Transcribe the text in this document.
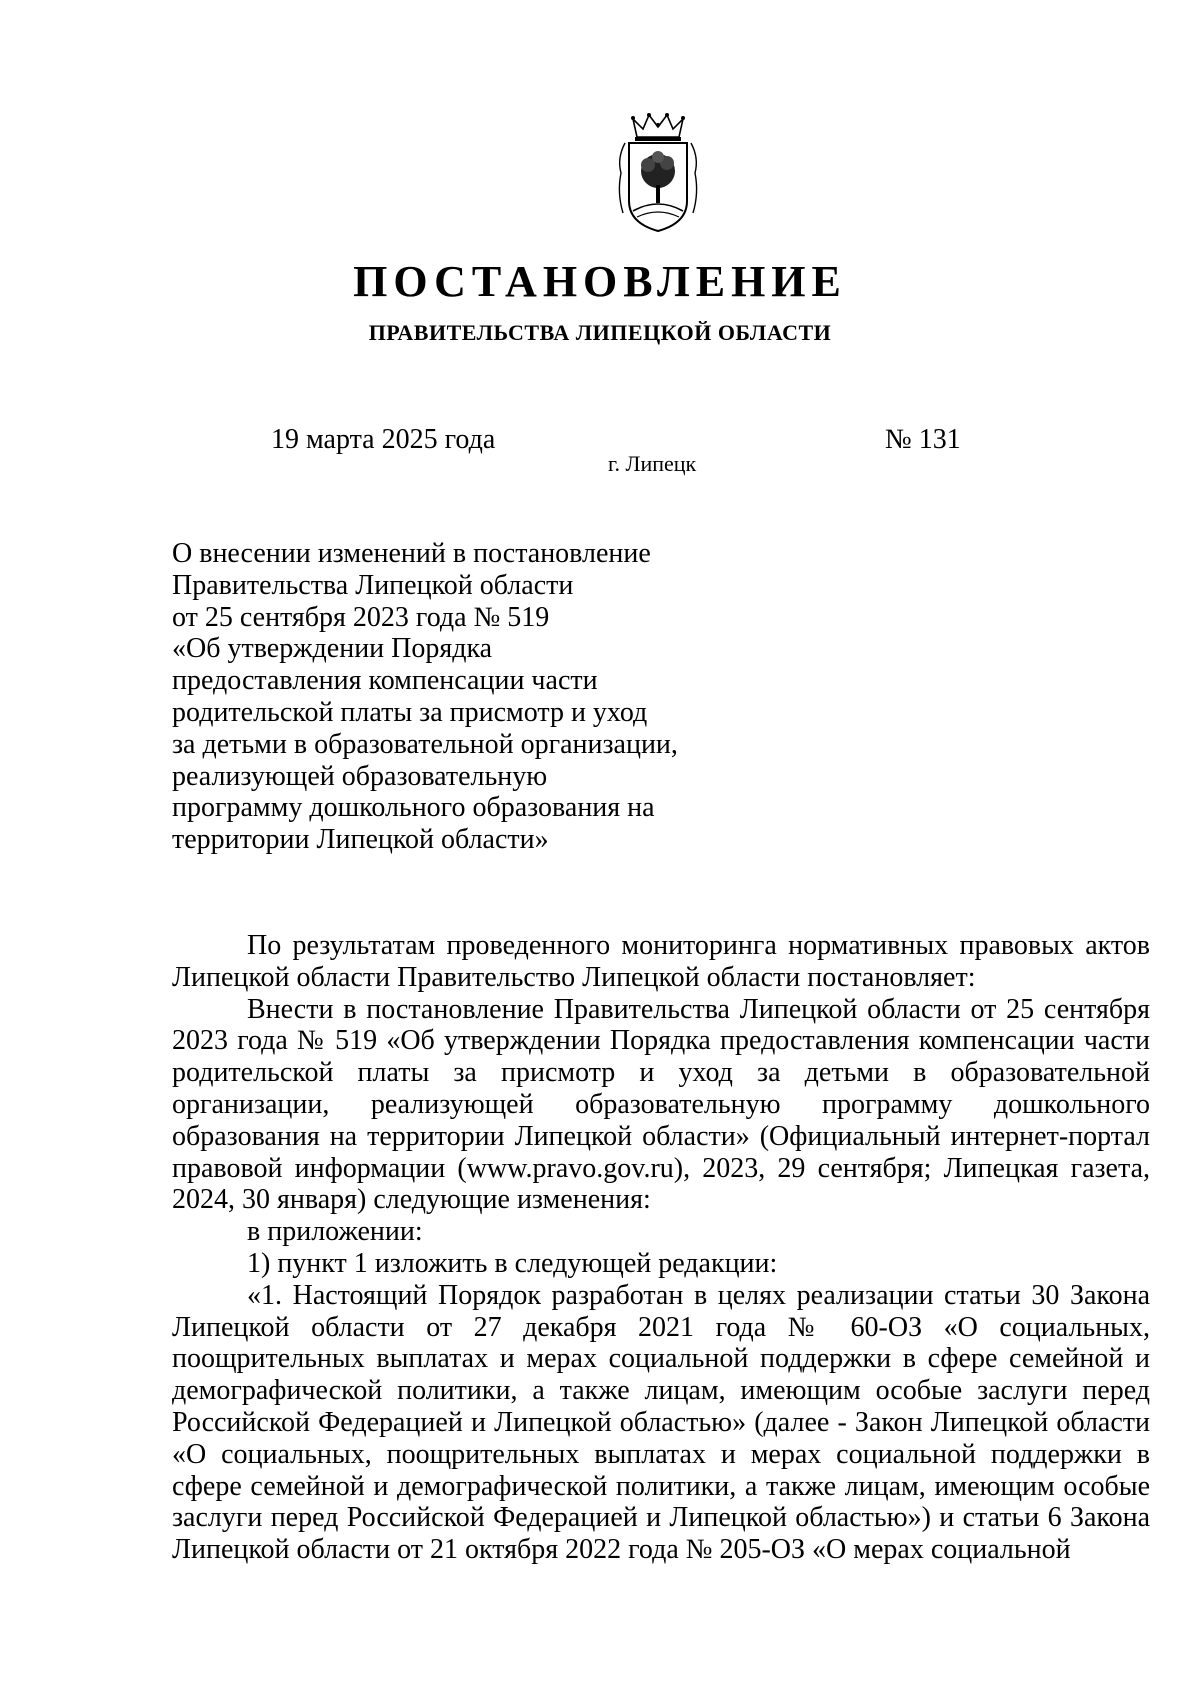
ПОСТАНОВЛЕНИЕ
ПРАВИТЕЛЬСТВА ЛИПЕЦКОЙ ОБЛАСТИ
19 марта 2025 года
г. Липецк
№ 131
О внесении изменений в постановление
Правительства Липецкой области
от 25 сентября 2023 года № 519
«Об утверждении Порядка
предоставления компенсации части
родительской платы за присмотр и уход
за детьми в образовательной организации,
реализующей образовательную
программу дошкольного образования на
территории Липецкой области»

По результатам проведенного мониторинга нормативных правовых актов Липецкой области Правительство Липецкой области постановляет:

Внести в постановление Правительства Липецкой области от 25 сентября 2023 года № 519 «Об утверждении Порядка предоставления компенсации части родительской платы за присмотр и уход за детьми в образовательной организации, реализующей образовательную программу дошкольного образования на территории Липецкой области» (Официальный интернет-портал правовой информации (www.pravo.gov.ru), 2023, 29 сентября; Липецкая газета, 2024, 30 января) следующие изменения:

в приложении:

1) пункт 1 изложить в следующей редакции:

«1. Настоящий Порядок разработан в целях реализации статьи 30 Закона Липецкой области от 27 декабря 2021 года № 60-ОЗ «О социальных, поощрительных выплатах и мерах социальной поддержки в сфере семейной и демографической политики, а также лицам, имеющим особые заслуги перед Российской Федерацией и Липецкой областью» (далее - Закон Липецкой области «О социальных, поощрительных выплатах и мерах социальной поддержки в сфере семейной и демографической политики, а также лицам, имеющим особые заслуги перед Российской Федерацией и Липецкой областью») и статьи 6 Закона Липецкой области от 21 октября 2022 года № 205-ОЗ «О мерах социальной
